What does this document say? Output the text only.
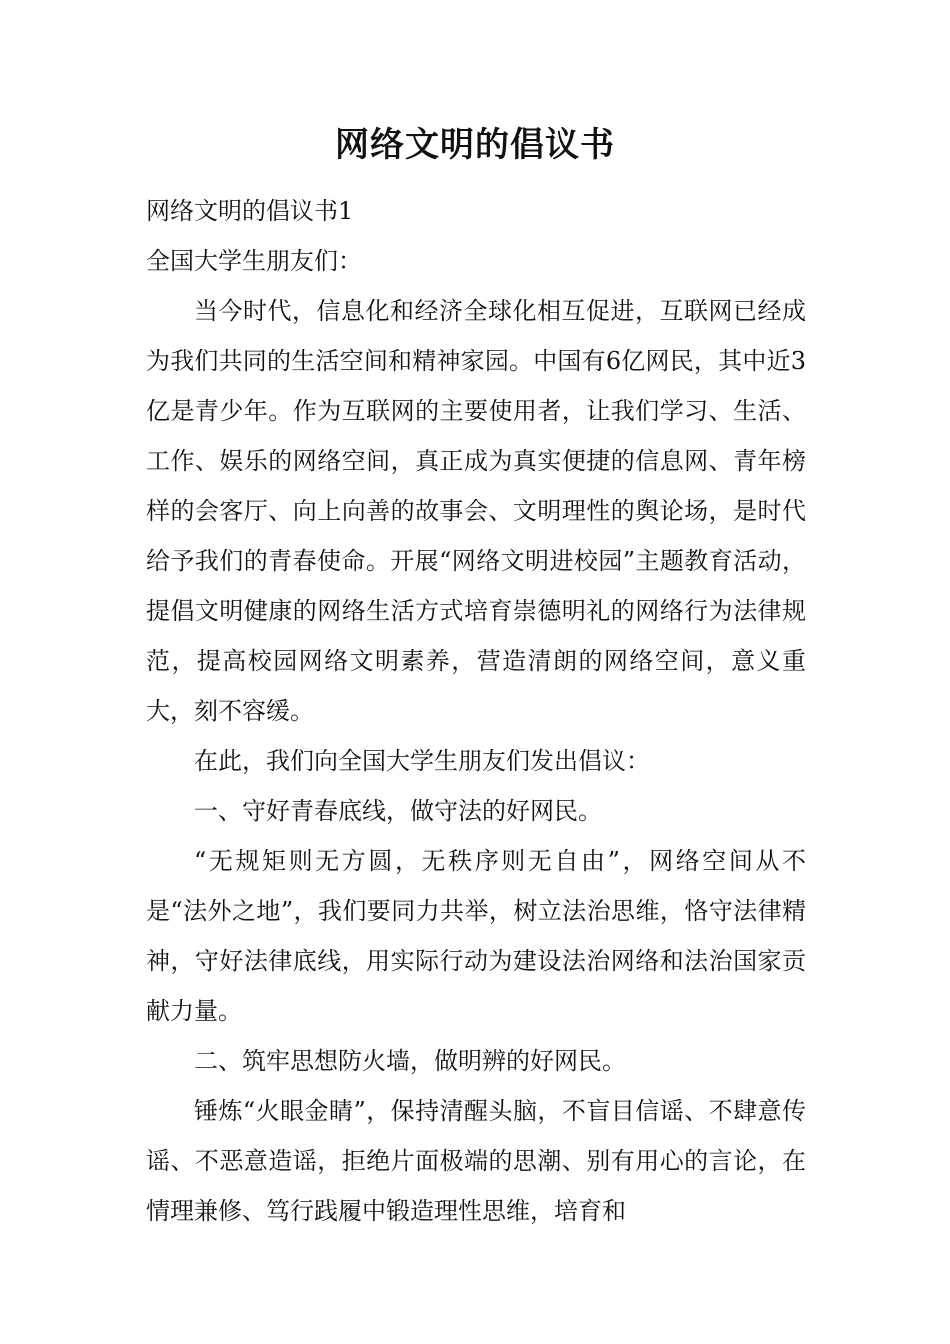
网络文明的倡议书
网络文明的倡议书1
全国大学生朋友们：

当今时代，信息化和经济全球化相互促进，互联网已经成为我们共同的生活空间和精神家园。中国有6亿网民，其中近3亿是青少年。作为互联网的主要使用者，让我们学习、生活、工作、娱乐的网络空间，真正成为真实便捷的信息网、青年榜样的会客厅、向上向善的故事会、文明理性的舆论场，是时代给予我们的青春使命。开展“网络文明进校园”主题教育活动，提倡文明健康的网络生活方式培育崇德明礼的网络行为法律规范，提高校园网络文明素养，营造清朗的网络空间，意义重大，刻不容缓。

在此，我们向全国大学生朋友们发出倡议：

一、守好青春底线，做守法的好网民。

“无规矩则无方圆，无秩序则无自由”，网络空间从不是“法外之地”，我们要同力共举，树立法治思维，恪守法律精神，守好法律底线，用实际行动为建设法治网络和法治国家贡献力量。

二、筑牢思想防火墙，做明辨的好网民。

锤炼“火眼金睛”，保持清醒头脑，不盲目信谣、不肆意传谣、不恶意造谣，拒绝片面极端的思潮、别有用心的言论，在情理兼修、笃行践履中锻造理性思维，培育和
